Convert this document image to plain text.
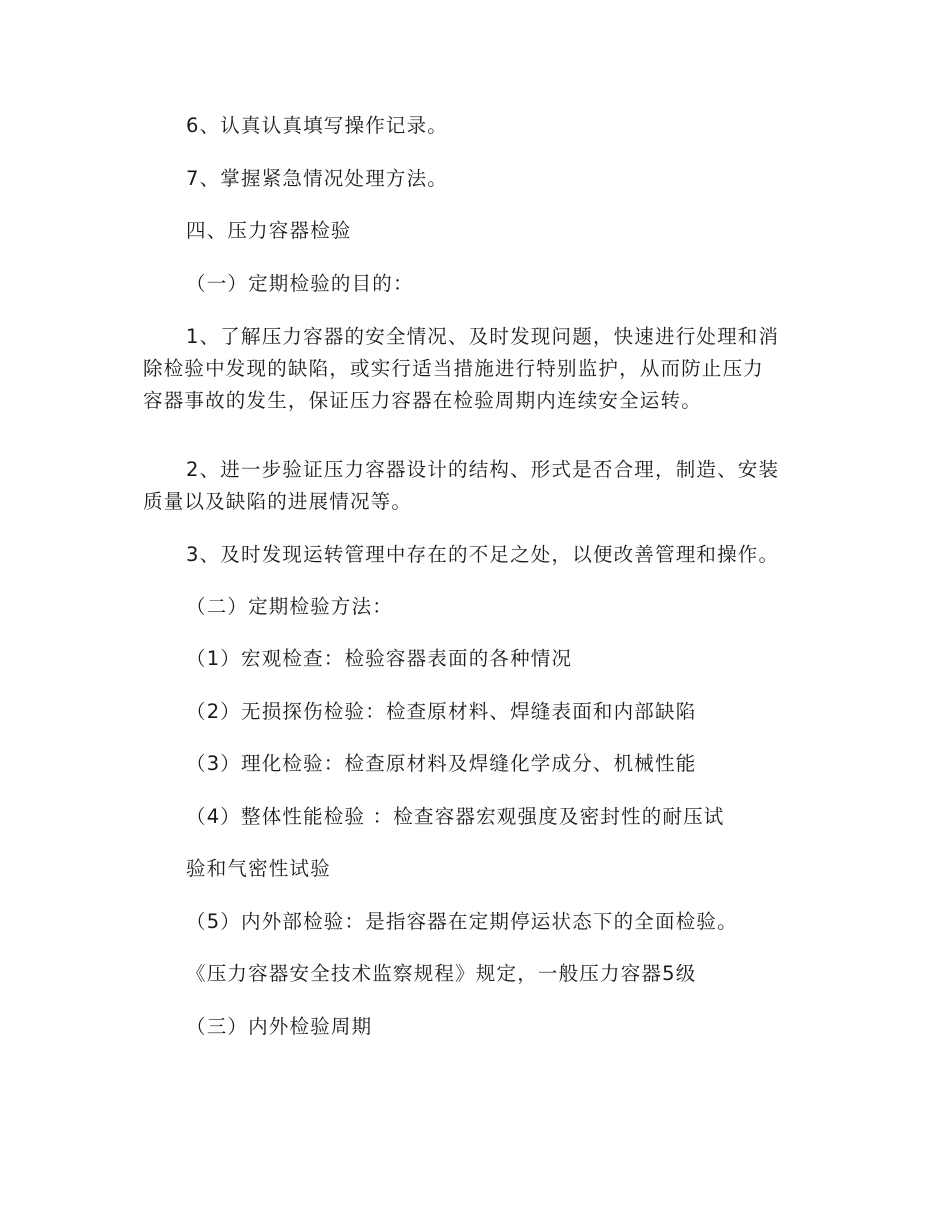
6、认真认真填写操作记录。
7、掌握紧急情况处理方法。
四、压力容器检验
（一）定期检验的目的：
1、了解压力容器的安全情况、及时发现问题，快速进行处理和消
除检验中发现的缺陷，或实行适当措施进行特别监护，从而防止压力
容器事故的发生，保证压力容器在检验周期内连续安全运转。
2、进一步验证压力容器设计的结构、形式是否合理，制造、安装
质量以及缺陷的进展情况等。
3、及时发现运转管理中存在的不足之处，以便改善管理和操作。
（二）定期检验方法：
（1）宏观检查：检验容器表面的各种情况
（2）无损探伤检验：检查原材料、焊缝表面和内部缺陷
（3）理化检验：检查原材料及焊缝化学成分、机械性能
（4）整体性能检验 ：检查容器宏观强度及密封性的耐压试
验和气密性试验
（5）内外部检验：是指容器在定期停运状态下的全面检验。
《压力容器安全技术监察规程》规定，一般压力容器5级
（三）内外检验周期
